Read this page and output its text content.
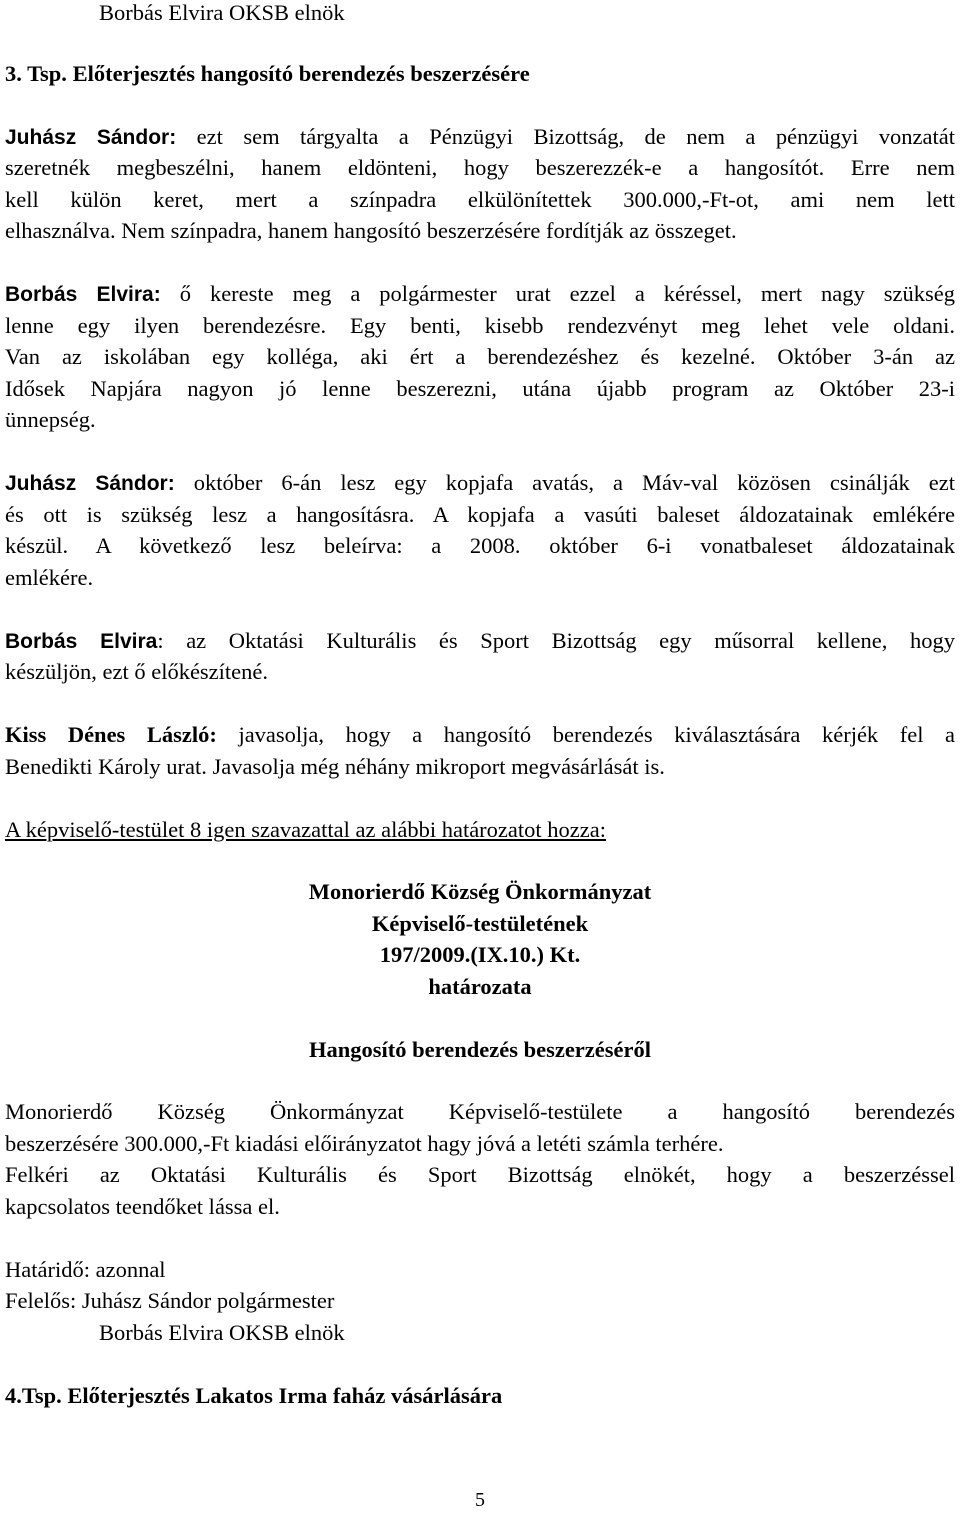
Borbás Elvira OKSB elnök
3. Tsp. Előterjesztés hangosító berendezés beszerzésére
Juhász Sándor: ezt sem tárgyalta a Pénzügyi Bizottság, de nem a pénzügyi vonzatát
szeretnék megbeszélni, hanem eldönteni, hogy beszerezzék-e a hangosítót. Erre nem
kell külön keret, mert a színpadra elkülönítettek 300.000,-Ft-ot, ami nem lett
elhasználva. Nem színpadra, hanem hangosító beszerzésére fordítják az összeget.
Borbás Elvira: ő kereste meg a polgármester urat ezzel a kéréssel, mert nagy szükség
lenne egy ilyen berendezésre. Egy benti, kisebb rendezvényt meg lehet vele oldani.
Van az iskolában egy kolléga, aki ért a berendezéshez és kezelné. Október 3-án az
Idősek Napjára nagyon jó lenne beszerezni, utána újabb program az Október 23-i
ünnepség.
Juhász Sándor: október 6-án lesz egy kopjafa avatás, a Máv-val közösen csinálják ezt
és ott is szükség lesz a hangosításra. A kopjafa a vasúti baleset áldozatainak emlékére
készül. A következő lesz beleírva: a 2008. október 6-i vonatbaleset áldozatainak
emlékére.
Borbás Elvira: az Oktatási Kulturális és Sport Bizottság egy műsorral kellene, hogy
készüljön, ezt ő előkészítené.
Kiss Dénes László: javasolja, hogy a hangosító berendezés kiválasztására kérjék fel a
Benedikti Károly urat. Javasolja még néhány mikroport megvásárlását is.
A képviselő-testület 8 igen szavazattal az alábbi határozatot hozza:
Monorierdő Község Önkormányzat
Képviselő-testületének
197/2009.(IX.10.) Kt.
határozata
Hangosító berendezés beszerzéséről
Monorierdő Község Önkormányzat Képviselő-testülete a hangosító berendezés
beszerzésére 300.000,-Ft kiadási előirányzatot hagy jóvá a letéti számla terhére.
Felkéri az Oktatási Kulturális és Sport Bizottság elnökét, hogy a beszerzéssel
kapcsolatos teendőket lássa el.
Határidő: azonnal
Felelős: Juhász Sándor polgármester
Borbás Elvira OKSB elnök
4.Tsp. Előterjesztés Lakatos Irma faház vásárlására
5
